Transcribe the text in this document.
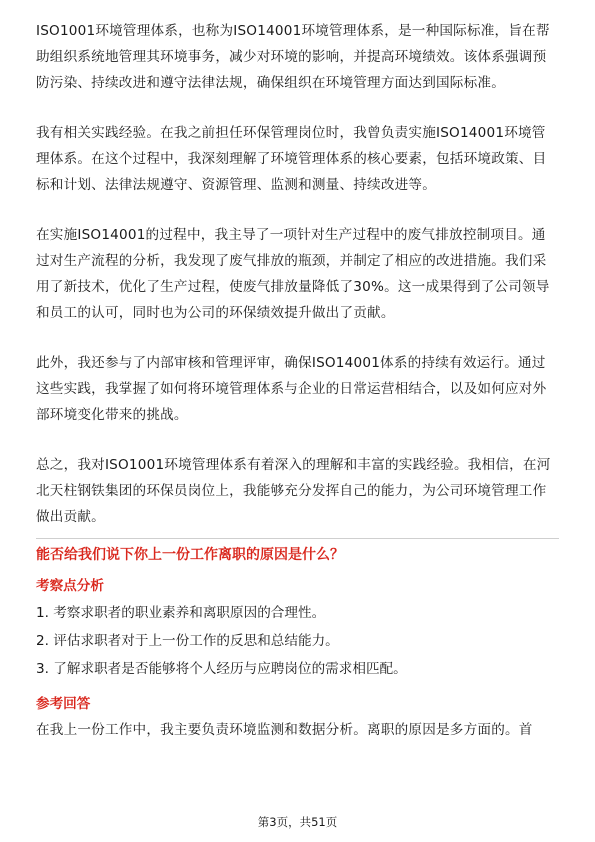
ISO1001环境管理体系，也称为ISO14001环境管理体系，是一种国际标准，旨在帮助组织系统地管理其环境事务，减少对环境的影响，并提高环境绩效。该体系强调预防污染、持续改进和遵守法律法规，确保组织在环境管理方面达到国际标准。

我有相关实践经验。在我之前担任环保管理岗位时，我曾负责实施ISO14001环境管理体系。在这个过程中，我深刻理解了环境管理体系的核心要素，包括环境政策、目标和计划、法律法规遵守、资源管理、监测和测量、持续改进等。

在实施ISO14001的过程中，我主导了一项针对生产过程中的废气排放控制项目。通过对生产流程的分析，我发现了废气排放的瓶颈，并制定了相应的改进措施。我们采用了新技术，优化了生产过程，使废气排放量降低了30%。这一成果得到了公司领导和员工的认可，同时也为公司的环保绩效提升做出了贡献。

此外，我还参与了内部审核和管理评审，确保ISO14001体系的持续有效运行。通过这些实践，我掌握了如何将环境管理体系与企业的日常运营相结合，以及如何应对外部环境变化带来的挑战。

总之，我对ISO1001环境管理体系有着深入的理解和丰富的实践经验。我相信，在河北天柱钢铁集团的环保员岗位上，我能够充分发挥自己的能力，为公司环境管理工作做出贡献。

能否给我们说下你上一份工作离职的原因是什么？

考察点分析

1. 考察求职者的职业素养和离职原因的合理性。

2. 评估求职者对于上一份工作的反思和总结能力。

3. 了解求职者是否能够将个人经历与应聘岗位的需求相匹配。

参考回答

在我上一份工作中，我主要负责环境监测和数据分析。离职的原因是多方面的。首

第3页，共51页
